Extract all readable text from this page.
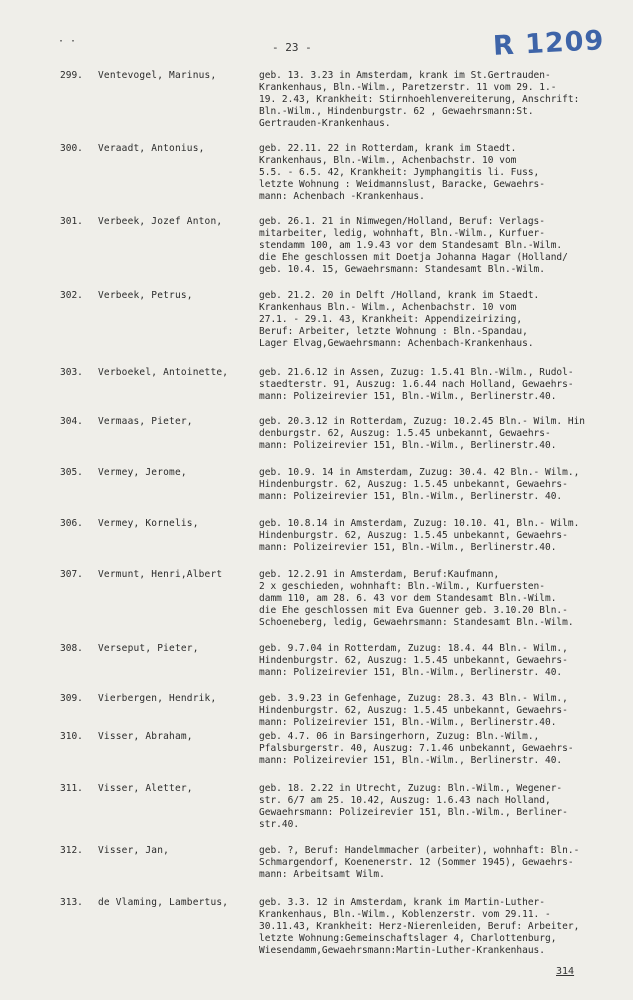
· ·	- 23 -	R 1209
299. Ventevogel, Marinus,	geb. 13. 3.23 in Amsterdam, krank im St.Gertrauden-
Krankenhaus, Bln.-Wilm., Paretzerstr. 11 vom 29. 1.-
19. 2.43, Krankheit: Stirnhoehlenvereiterung, Anschrift:
Bln.-Wilm., Hindenburgstr. 62 , Gewaehrsmann:St.
Gertrauden-Krankenhaus.
300. Veraadt, Antonius,	geb. 22.11. 22 in Rotterdam, krank im Staedt.
Krankenhaus, Bln.-Wilm., Achenbachstr. 10 vom
5.5. - 6.5. 42, Krankheit: Jymphangitis li. Fuss,
letzte Wohnung : Weidmannslust, Baracke, Gewaehrs-
mann: Achenbach -Krankenhaus.
301. Verbeek, Jozef Anton,	geb. 26.1. 21 in Nimwegen/Holland, Beruf: Verlags-
mitarbeiter, ledig, wohnhaft, Bln.-Wilm., Kurfuer-
stendamm 100, am 1.9.43 vor dem Standesamt Bln.-Wilm.
die Ehe geschlossen mit Doetja Johanna Hagar (Holland/
geb. 10.4. 15, Gewaehrsmann: Standesamt Bln.-Wilm.
302. Verbeek, Petrus,	geb. 21.2. 20 in Delft /Holland, krank im Staedt.
Krankenhaus Bln.- Wilm., Achenbachstr. 10 vom
27.1. - 29.1. 43, Krankheit: Appendizeirizing,
Beruf: Arbeiter, letzte Wohnung : Bln.-Spandau,
Lager Elvag,Gewaehrsmann: Achenbach-Krankenhaus.
303. Verboekel, Antoinette,	geb. 21.6.12 in Assen, Zuzug: 1.5.41 Bln.-Wilm., Rudol-
staedterstr. 91, Auszug: 1.6.44 nach Holland, Gewaehrs-
mann: Polizeirevier 151, Bln.-Wilm., Berlinerstr.40.
304. Vermaas, Pieter,	geb. 20.3.12 in Rotterdam, Zuzug: 10.2.45 Bln.- Wilm. Hin
denburgstr. 62, Auszug: 1.5.45 unbekannt, Gewaehrs-
mann: Polizeirevier 151, Bln.-Wilm., Berlinerstr.40.
305. Vermey, Jerome,	geb. 10.9. 14 in Amsterdam, Zuzug: 30.4. 42 Bln.- Wilm.,
Hindenburgstr. 62, Auszug: 1.5.45 unbekannt, Gewaehrs-
mann: Polizeirevier 151, Bln.-Wilm., Berlinerstr. 40.
306. Vermey, Kornelis,	geb. 10.8.14 in Amsterdam, Zuzug: 10.10. 41, Bln.- Wilm.
Hindenburgstr. 62, Auszug: 1.5.45 unbekannt, Gewaehrs-
mann: Polizeirevier 151, Bln.-Wilm., Berlinerstr.40.
307. Vermunt, Henri,Albert	geb. 12.2.91 in Amsterdam, Beruf:Kaufmann,
2 x geschieden, wohnhaft: Bln.-Wilm., Kurfuersten-
damm 110, am 28. 6. 43 vor dem Standesamt Bln.-Wilm.
die Ehe geschlossen mit Eva Guenner geb. 3.10.20 Bln.-
Schoeneberg, ledig, Gewaehrsmann: Standesamt Bln.-Wilm.
308. Verseput, Pieter,	geb. 9.7.04 in Rotterdam, Zuzug: 18.4. 44 Bln.- Wilm.,
Hindenburgstr. 62, Auszug: 1.5.45 unbekannt, Gewaehrs-
mann: Polizeirevier 151, Bln.-Wilm., Berlinerstr. 40.
309. Vierbergen, Hendrik,	geb. 3.9.23 in Gefenhage, Zuzug: 28.3. 43 Bln.- Wilm.,
Hindenburgstr. 62, Auszug: 1.5.45 unbekannt, Gewaehrs-
mann: Polizeirevier 151, Bln.-Wilm., Berlinerstr.40.
310. Visser, Abraham,	geb. 4.7. 06 in Barsingerhorn, Zuzug: Bln.-Wilm.,
Pfalsburgerstr. 40, Auszug: 7.1.46 unbekannt, Gewaehrs-
mann: Polizeirevier 151, Bln.-Wilm., Berlinerstr. 40.
311. Visser, Aletter,	geb. 18. 2.22 in Utrecht, Zuzug: Bln.-Wilm., Wegener-
str. 6/7 am 25. 10.42, Auszug: 1.6.43 nach Holland,
Gewaehrsmann: Polizeirevier 151, Bln.-Wilm., Berliner-
str.40.
312. Visser, Jan,	geb. ?, Beruf: Handelmmacher (arbeiter), wohnhaft: Bln.-
Schmargendorf, Koenenerstr. 12 (Sommer 1945), Gewaehrs-
mann: Arbeitsamt Wilm.
313. de Vlaming, Lambertus,	geb. 3.3. 12 in Amsterdam, krank im Martin-Luther-
Krankenhaus, Bln.-Wilm., Koblenzerstr. vom 29.11. -
30.11.43, Krankheit: Herz-Nierenleiden, Beruf: Arbeiter,
letzte Wohnung:Gemeinschaftslager 4, Charlottenburg,
Wiesendamm,Gewaehrsmann:Martin-Luther-Krankenhaus.
314
